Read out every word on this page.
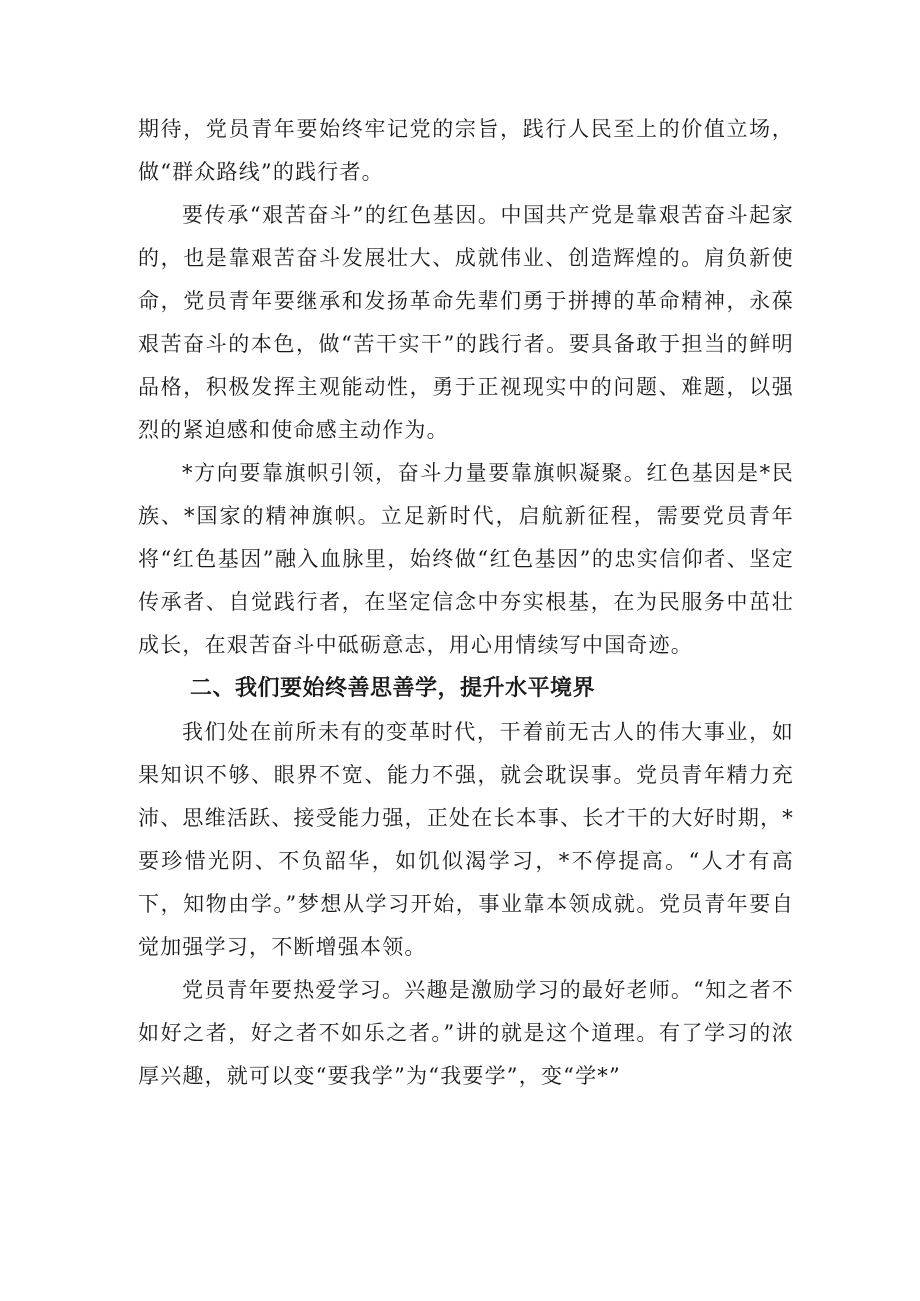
期待，党员青年要始终牢记党的宗旨，践行人民至上的价值立场，做“群众路线”的践行者。

要传承“艰苦奋斗”的红色基因。中国共产党是靠艰苦奋斗起家的，也是靠艰苦奋斗发展壮大、成就伟业、创造辉煌的。肩负新使命，党员青年要继承和发扬革命先辈们勇于拼搏的革命精神，永葆艰苦奋斗的本色，做“苦干实干”的践行者。要具备敢于担当的鲜明品格，积极发挥主观能动性，勇于正视现实中的问题、难题，以强烈的紧迫感和使命感主动作为。

*方向要靠旗帜引领，奋斗力量要靠旗帜凝聚。红色基因是*民族、*国家的精神旗帜。立足新时代，启航新征程，需要党员青年将“红色基因”融入血脉里，始终做“红色基因”的忠实信仰者、坚定传承者、自觉践行者，在坚定信念中夯实根基，在为民服务中茁壮成长，在艰苦奋斗中砥砺意志，用心用情续写中国奇迹。

二、我们要始终善思善学，提升水平境界

我们处在前所未有的变革时代，干着前无古人的伟大事业，如果知识不够、眼界不宽、能力不强，就会耽误事。党员青年精力充沛、思维活跃、接受能力强，正处在长本事、长才干的大好时期，*要珍惜光阴、不负韶华，如饥似渴学习，*不停提高。“人才有高下，知物由学。”梦想从学习开始，事业靠本领成就。党员青年要自觉加强学习，不断增强本领。

党员青年要热爱学习。兴趣是激励学习的最好老师。“知之者不如好之者，好之者不如乐之者。”讲的就是这个道理。有了学习的浓厚兴趣，就可以变“要我学”为“我要学”，变“学*”
